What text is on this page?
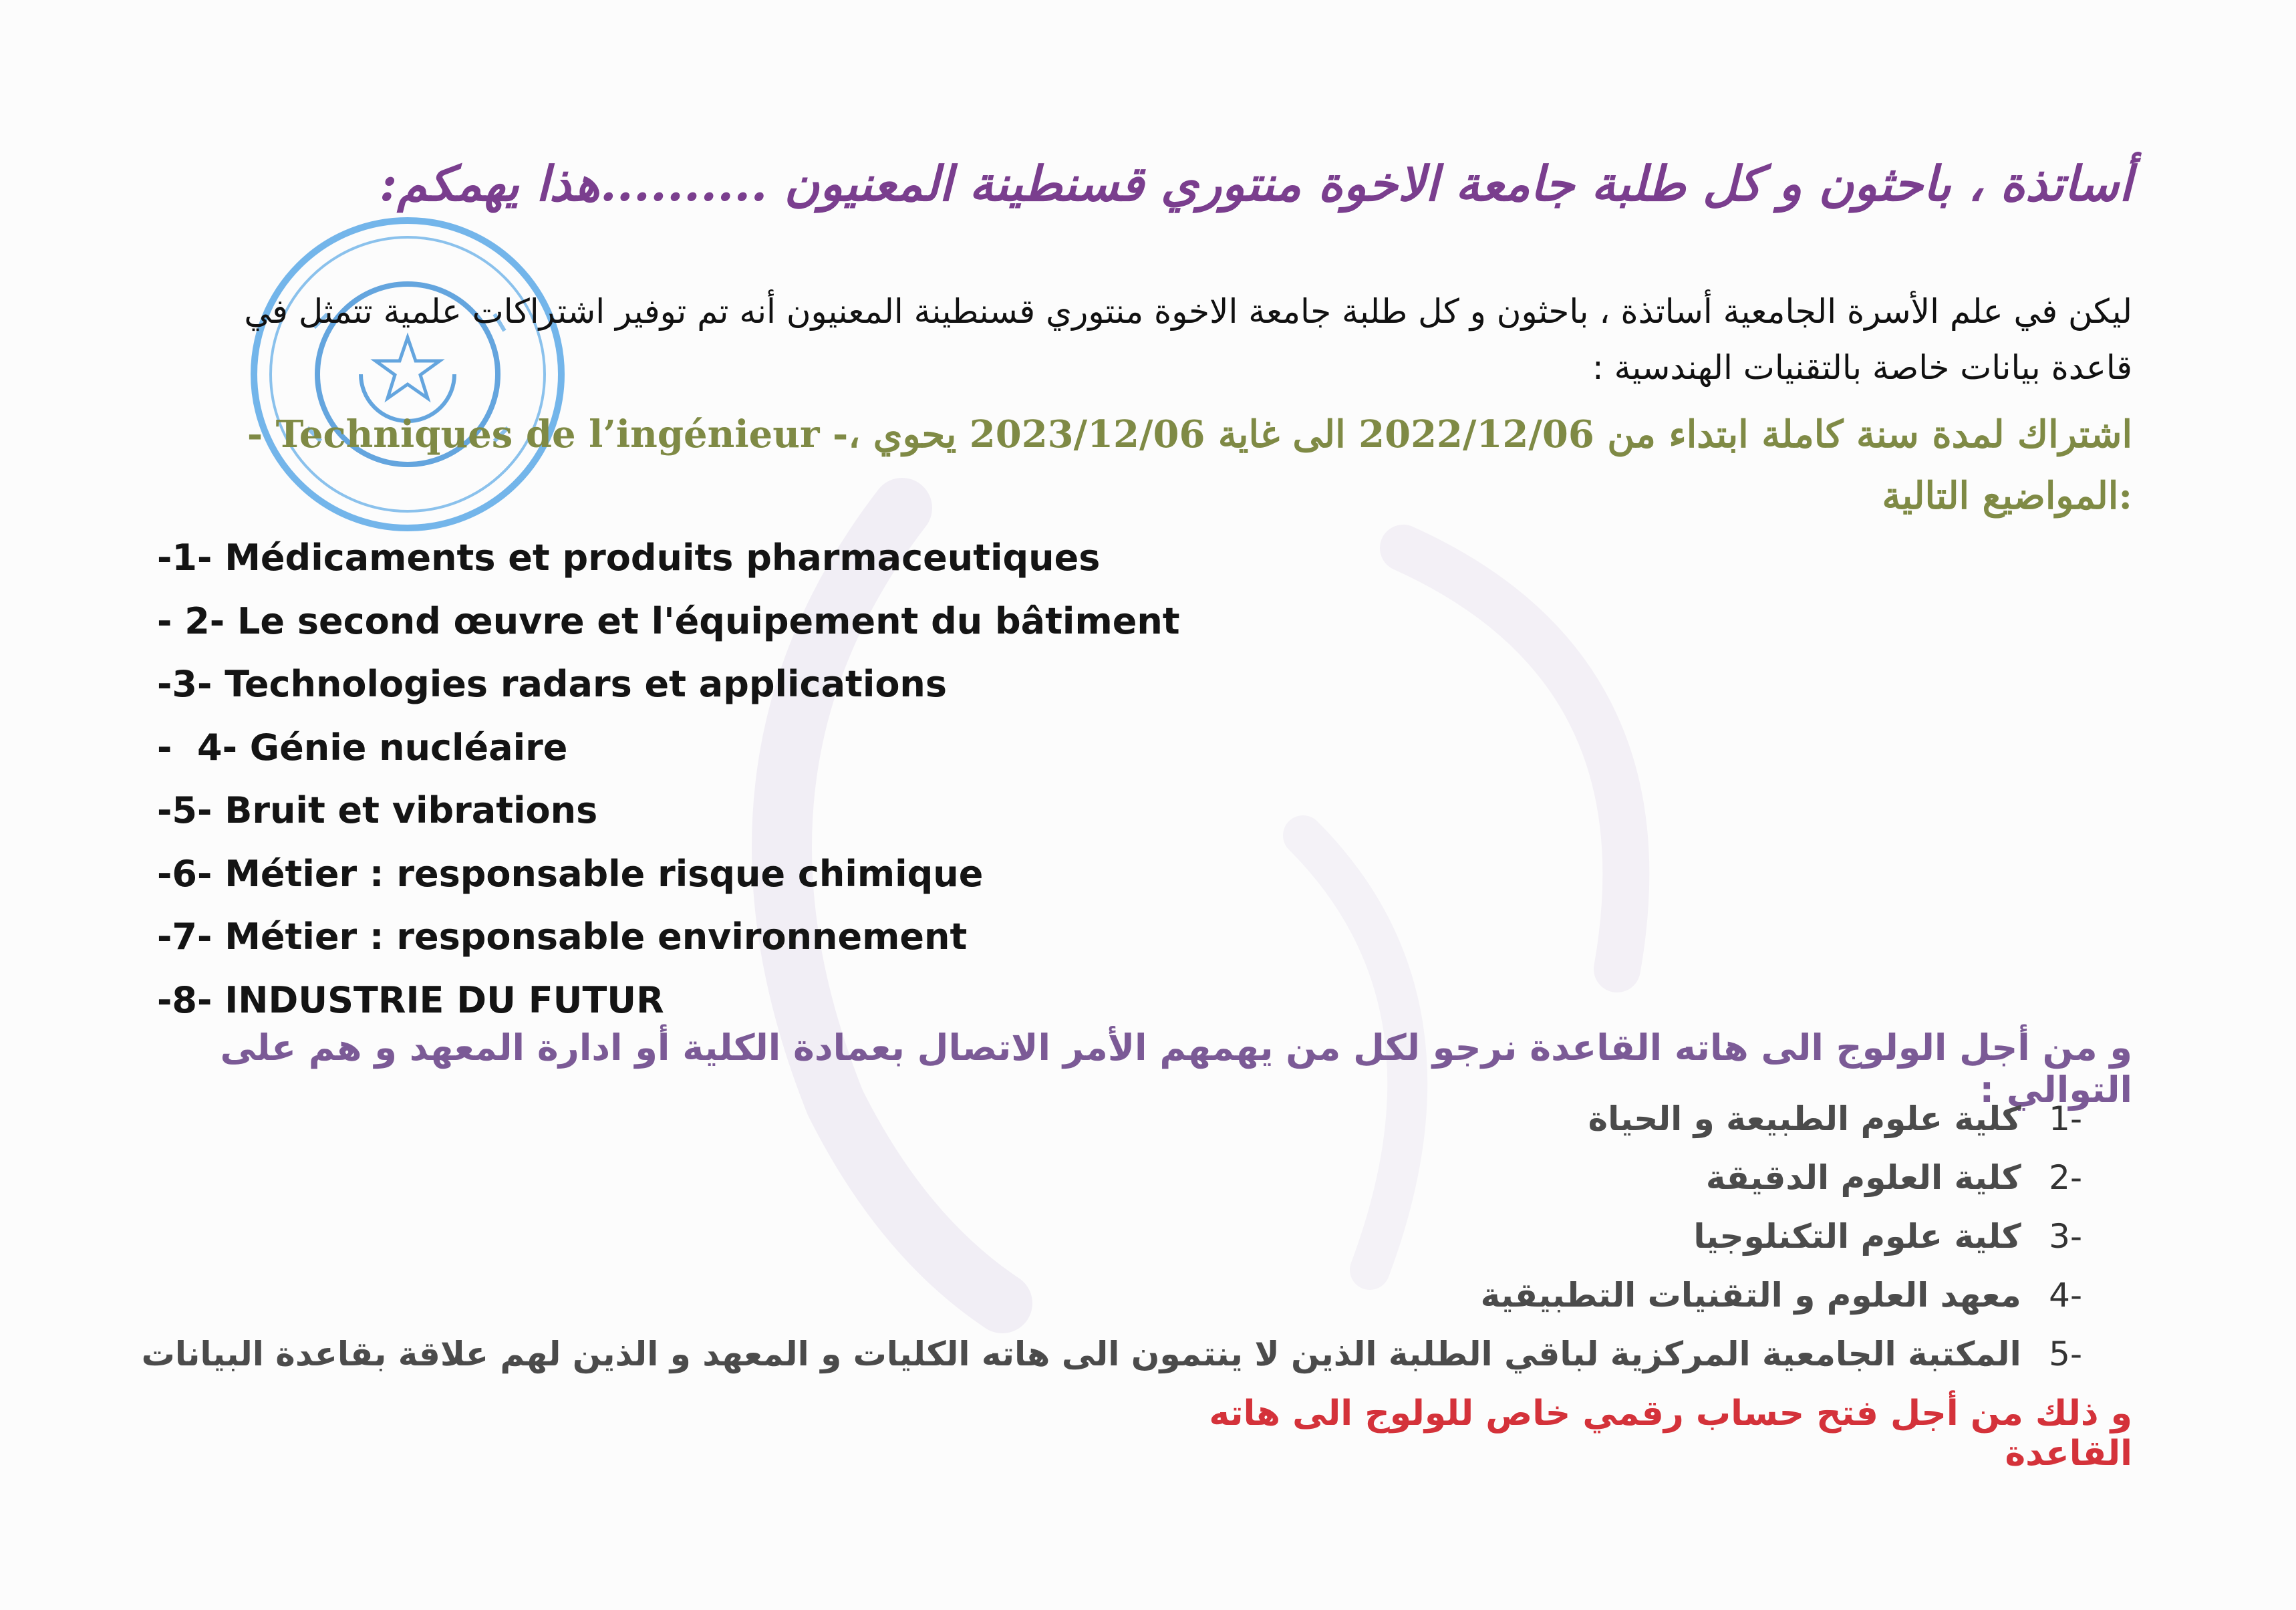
أساتذة ، باحثون و كل طلبة جامعة الاخوة منتوري قسنطينة المعنيون ..........هذا يهمكم:

ليكن في علم الأسرة الجامعية أساتذة ، باحثون و كل طلبة جامعة الاخوة منتوري قسنطينة المعنيون أنه تم توفير اشتراكات علمية تتمثل في قاعدة بيانات خاصة بالتقنيات الهندسية :

- Techniques de l’ingénieur -، اشتراك لمدة سنة كاملة ابتداء من 2022/12/06 الى غاية 2023/12/06 يحوي المواضيع التالية:

-1- Médicaments et produits pharmaceutiques
- 2- Le second œuvre et l'équipement du bâtiment
-3- Technologies radars et applications
-  4- Génie nucléaire
-5- Bruit et vibrations
-6- Métier : responsable risque chimique
-7- Métier : responsable environnement
-8- INDUSTRIE DU FUTUR

و من أجل الولوج الى هاته القاعدة نرجو لكل من يهمهم الأمر الاتصال بعمادة الكلية أو ادارة المعهد و هم على التوالي :

-1 كلية علوم الطبيعة و الحياة
-2 كلية العلوم الدقيقة
-3 كلية علوم التكنلوجيا
-4 معهد العلوم و التقنيات التطبيقية
-5 المكتبة الجامعية المركزية لباقي الطلبة الذين لا ينتمون الى هاته الكليات و المعهد و الذين لهم علاقة بقاعدة البيانات

و ذلك من أجل فتح حساب رقمي خاص للولوج الى هاته القاعدة
